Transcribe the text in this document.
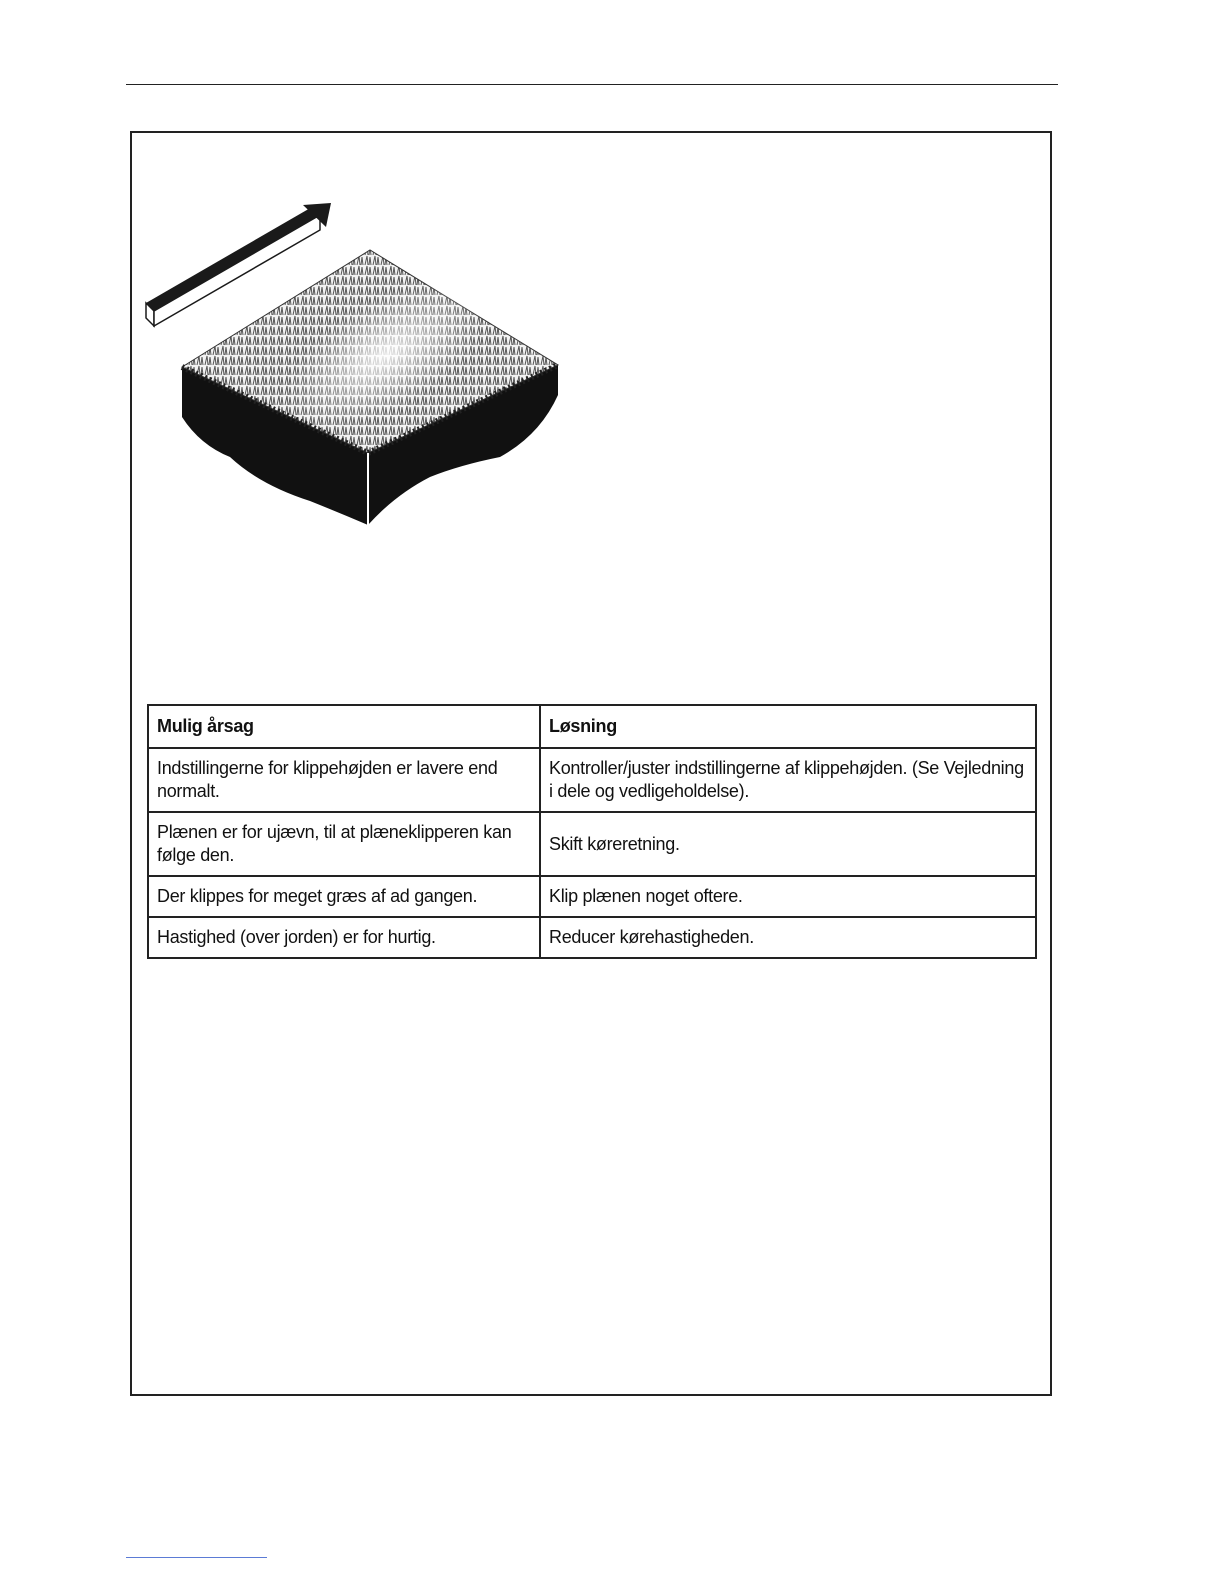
Mulig årsag	Løsning
Indstillingerne for klippehøjden er lavere end normalt.	Kontroller/juster indstillingerne af klippehøjden. (Se Vejledning i dele og vedligeholdelse).
Plænen er for ujævn, til at plæneklipperen kan følge den.	Skift køreretning.
Der klippes for meget græs af ad gangen.	Klip plænen noget oftere.
Hastighed (over jorden) er for hurtig.	Reducer kørehastigheden.
